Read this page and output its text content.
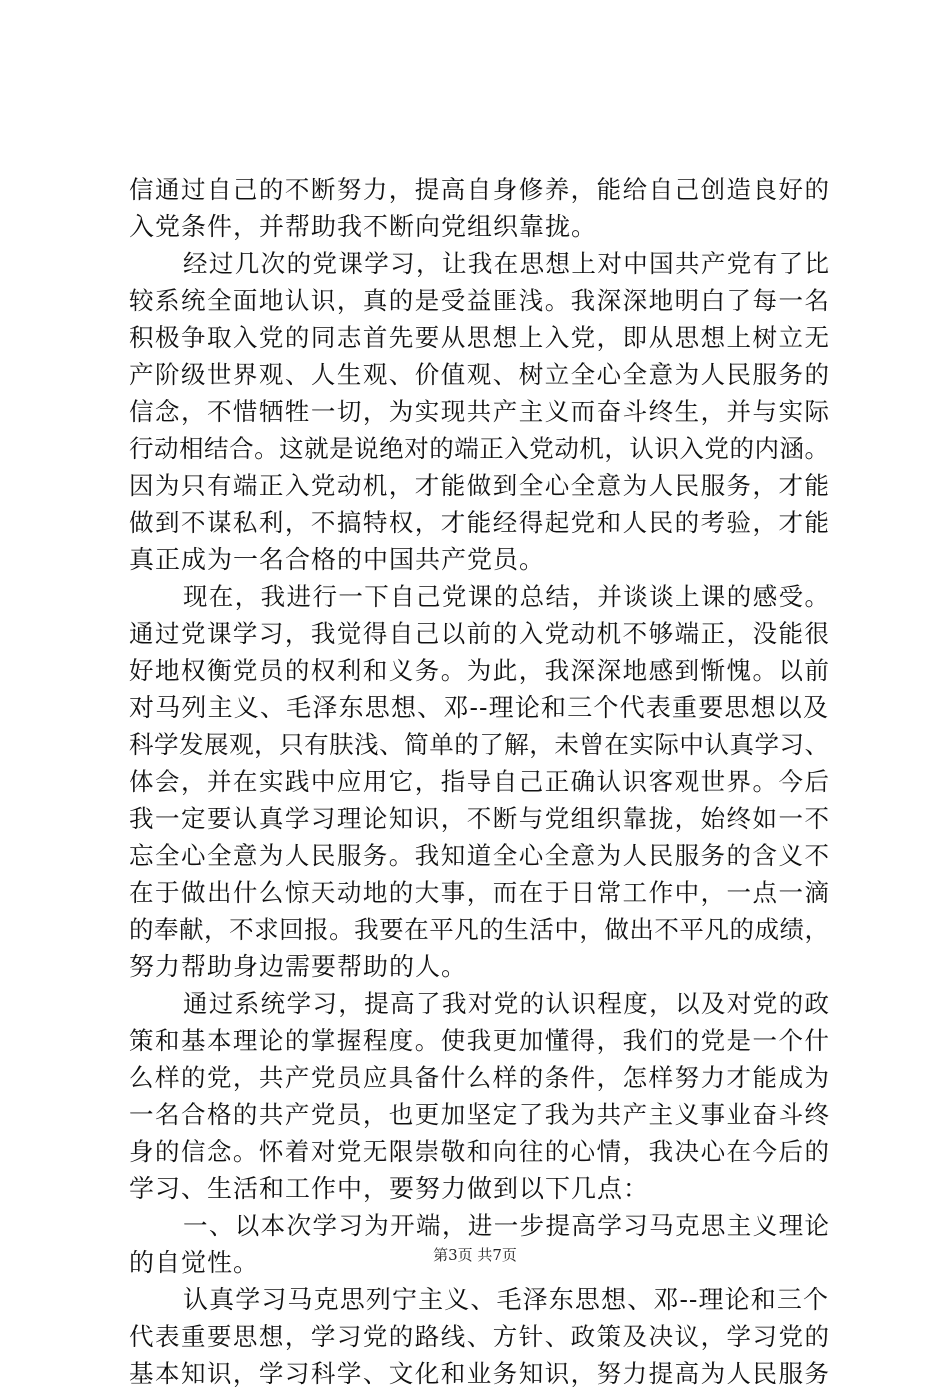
信通过自己的不断努力，提高自身修养，能给自己创造良好的
入党条件，并帮助我不断向党组织靠拢。
经过几次的党课学习，让我在思想上对中国共产党有了比
较系统全面地认识，真的是受益匪浅。我深深地明白了每一名
积极争取入党的同志首先要从思想上入党，即从思想上树立无
产阶级世界观、人生观、价值观、树立全心全意为人民服务的
信念，不惜牺牲一切，为实现共产主义而奋斗终生，并与实际
行动相结合。这就是说绝对的端正入党动机，认识入党的内涵。
因为只有端正入党动机，才能做到全心全意为人民服务，才能
做到不谋私利，不搞特权，才能经得起党和人民的考验，才能
真正成为一名合格的中国共产党员。
现在，我进行一下自己党课的总结，并谈谈上课的感受。
通过党课学习，我觉得自己以前的入党动机不够端正，没能很
好地权衡党员的权利和义务。为此，我深深地感到惭愧。以前
对马列主义、毛泽东思想、邓--理论和三个代表重要思想以及
科学发展观，只有肤浅、简单的了解，未曾在实际中认真学习、
体会，并在实践中应用它，指导自己正确认识客观世界。今后
我一定要认真学习理论知识，不断与党组织靠拢，始终如一不
忘全心全意为人民服务。我知道全心全意为人民服务的含义不
在于做出什么惊天动地的大事，而在于日常工作中，一点一滴
的奉献，不求回报。我要在平凡的生活中，做出不平凡的成绩，
努力帮助身边需要帮助的人。
通过系统学习，提高了我对党的认识程度，以及对党的政
策和基本理论的掌握程度。使我更加懂得，我们的党是一个什
么样的党，共产党员应具备什么样的条件，怎样努力才能成为
一名合格的共产党员，也更加坚定了我为共产主义事业奋斗终
身的信念。怀着对党无限崇敬和向往的心情，我决心在今后的
学习、生活和工作中，要努力做到以下几点：
一、以本次学习为开端，进一步提高学习马克思主义理论
的自觉性。
认真学习马克思列宁主义、毛泽东思想、邓--理论和三个
代表重要思想，学习党的路线、方针、政策及决议，学习党的
基本知识，学习科学、文化和业务知识，努力提高为人民服务
第3页 共7页
